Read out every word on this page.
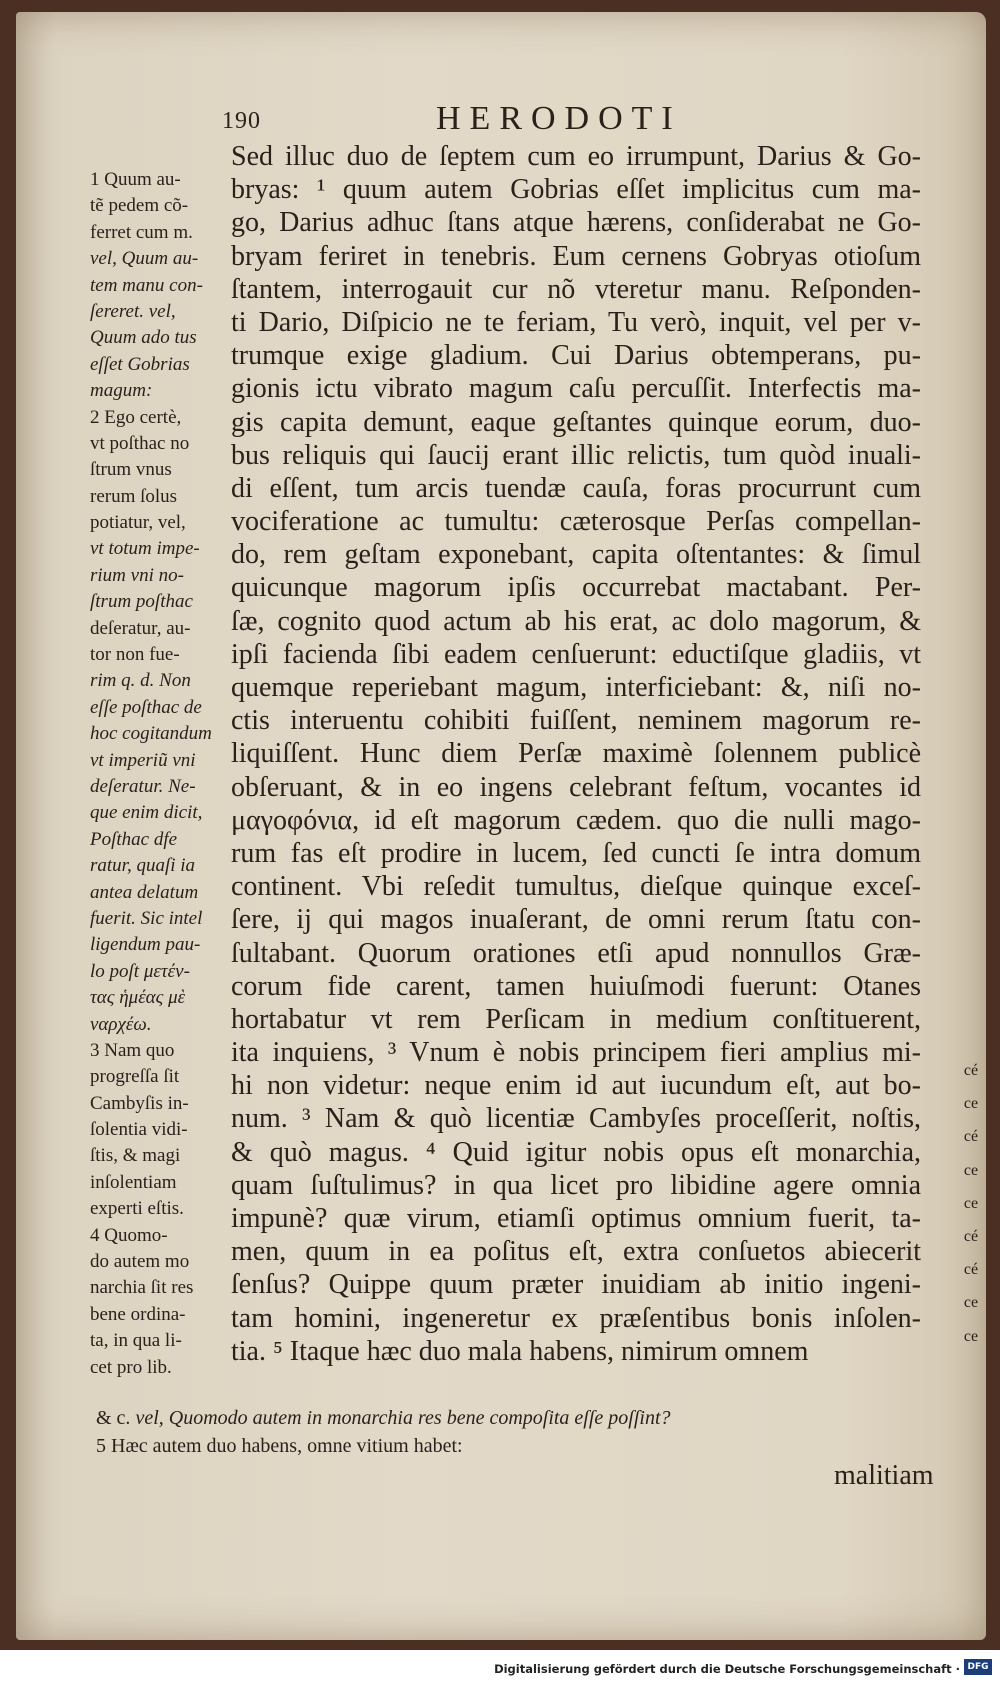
190	HERODOTI
1 Quum au-
tẽ pedem cõ-
ferret cum m.
vel, Quum au-
tem manu con-
ſereret. vel,
Quum ado tus
eſſet Gobrias
magum:
2 Ego certè,
vt poſthac no
ſtrum vnus
rerum ſolus
potiatur, vel,
vt totum impe-
rium vni no-
ſtrum poſthac
deſeratur, au-
tor non fue-
rim q. d. Non
eſſe poſthac de
hoc cogitandum
vt imperiũ vni
deſeratur. Ne-
que enim dicit,
Poſthac dfe
ratur, quaſi ia
antea delatum
fuerit. Sic intel
ligendum pau-
lo poſt μετέν-
τας ἡμέας μὲ
ναρχέω.
3 Nam quo
progreſſa ſit
Cambyſis in-
ſolentia vidi-
ſtis, & magi
inſolentiam
experti eſtis.
4 Quomo-
do autem mo
narchia ſit res
bene ordina-
ta, in qua li-
cet pro lib.
Sed illuc duo de ſeptem cum eo irrumpunt, Darius & Go-
bryas: ¹ quum autem Gobrias eſſet implicitus cum ma-
go, Darius adhuc ſtans atque hærens, conſiderabat ne Go-
bryam feriret in tenebris. Eum cernens Gobryas otioſum
ſtantem, interrogauit cur nõ vteretur manu. Reſponden-
ti Dario, Diſpicio ne te feriam, Tu verò, inquit, vel per v-
trumque exige gladium. Cui Darius obtemperans, pu-
gionis ictu vibrato magum caſu percuſſit. Interfectis ma-
gis capita demunt, eaque geſtantes quinque eorum, duo-
bus reliquis qui ſaucij erant illic relictis, tum quòd inuali-
di eſſent, tum arcis tuendæ cauſa, foras procurrunt cum
vociferatione ac tumultu: cæterosque Perſas compellan-
do, rem geſtam exponebant, capita oſtentantes: & ſimul
quicunque magorum ipſis occurrebat mactabant. Per-
ſæ, cognito quod actum ab his erat, ac dolo magorum, &
ipſi facienda ſibi eadem cenſuerunt: eductiſque gladiis, vt
quemque reperiebant magum, interficiebant: &, niſi no-
ctis interuentu cohibiti fuiſſent, neminem magorum re-
liquiſſent. Hunc diem Perſæ maximè ſolennem publicè
obſeruant, & in eo ingens celebrant feſtum, vocantes id
μαγοφόνια, id eſt magorum cædem. quo die nulli mago-
rum fas eſt prodire in lucem, ſed cuncti ſe intra domum
continent. Vbi reſedit tumultus, dieſque quinque exceſ-
ſere, ij qui magos inuaſerant, de omni rerum ſtatu con-
ſultabant. Quorum orationes etſi apud nonnullos Græ-
corum fide carent, tamen huiuſmodi fuerunt: Otanes
hortabatur vt rem Perſicam in medium conſtituerent,
ita inquiens, ³ Vnum è nobis principem fieri amplius mi-
hi non videtur: neque enim id aut iucundum eſt, aut bo-
num. ³ Nam & quò licentiæ Cambyſes proceſſerit, noſtis,
& quò magus. ⁴ Quid igitur nobis opus eſt monarchia,
quam ſuſtulimus? in qua licet pro libidine agere omnia
impunè? quæ virum, etiamſi optimus omnium fuerit, ta-
men, quum in ea poſitus eſt, extra conſuetos abiecerit
ſenſus? Quippe quum præter inuidiam ab initio ingeni-
tam homini, ingeneretur ex præſentibus bonis inſolen-
tia. ⁵ Itaque hæc duo mala habens, nimirum omnem
cé
ce
cé
ce
ce
cé
cé
ce
ce
& c. vel, Quomodo autem in monarchia res bene compoſita eſſe poſſint?
5 Hæc autem duo habens, omne vitium habet:
malitiam
Digitalisierung gefördert durch die Deutsche Forschungsgemeinschaft · DFG
